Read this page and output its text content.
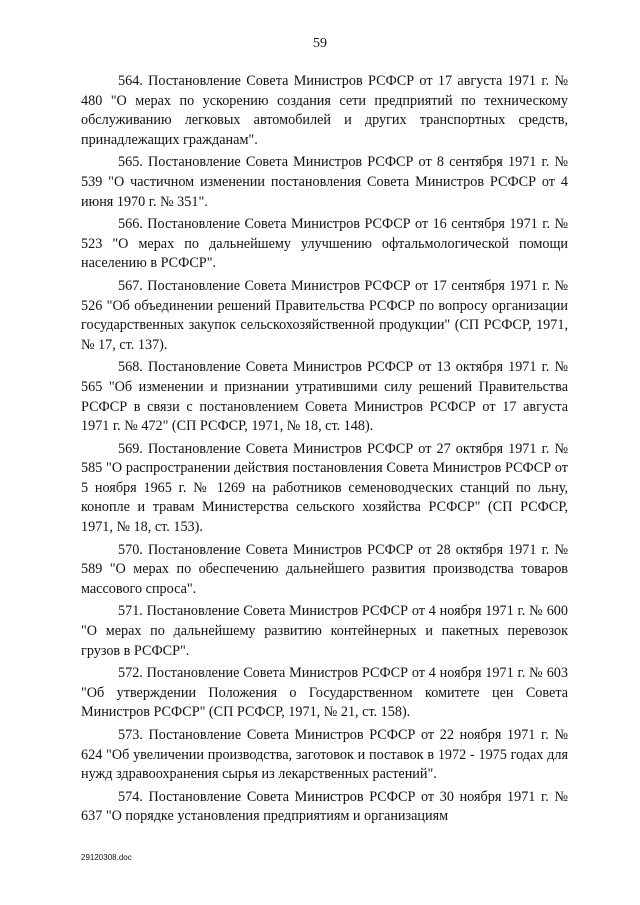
59

564. Постановление Совета Министров РСФСР от 17 августа 1971 г. № 480 "О мерах по ускорению создания сети предприятий по техническому обслуживанию легковых автомобилей и других транспортных средств, принадлежащих гражданам".

565. Постановление Совета Министров РСФСР от 8 сентября 1971 г. № 539 "О частичном изменении постановления Совета Министров РСФСР от 4 июня 1970 г. № 351".

566. Постановление Совета Министров РСФСР от 16 сентября 1971 г. № 523 "О мерах по дальнейшему улучшению офтальмологической помощи населению в РСФСР".

567. Постановление Совета Министров РСФСР от 17 сентября 1971 г. № 526 "Об объединении решений Правительства РСФСР по вопросу организации государственных закупок сельскохозяйственной продукции" (СП РСФСР, 1971, № 17, ст. 137).

568. Постановление Совета Министров РСФСР от 13 октября 1971 г. № 565 "Об изменении и признании утратившими силу решений Правительства РСФСР в связи с постановлением Совета Министров РСФСР от 17 августа 1971 г. № 472" (СП РСФСР, 1971, № 18, ст. 148).

569. Постановление Совета Министров РСФСР от 27 октября 1971 г. № 585 "О распространении действия постановления Совета Министров РСФСР от 5 ноября 1965 г. № 1269 на работников семеноводческих станций по льну, конопле и травам Министерства сельского хозяйства РСФСР" (СП РСФСР, 1971, № 18, ст. 153).

570. Постановление Совета Министров РСФСР от 28 октября 1971 г. № 589 "О мерах по обеспечению дальнейшего развития производства товаров массового спроса".

571. Постановление Совета Министров РСФСР от 4 ноября 1971 г. № 600 "О мерах по дальнейшему развитию контейнерных и пакетных перевозок грузов в РСФСР".

572. Постановление Совета Министров РСФСР от 4 ноября 1971 г. № 603 "Об утверждении Положения о Государственном комитете цен Совета Министров РСФСР" (СП РСФСР, 1971, № 21, ст. 158).

573. Постановление Совета Министров РСФСР от 22 ноября 1971 г. № 624 "Об увеличении производства, заготовок и поставок в 1972 - 1975 годах для нужд здравоохранения сырья из лекарственных растений".

574. Постановление Совета Министров РСФСР от 30 ноября 1971 г. № 637 "О порядке установления предприятиям и организациям

29120308.doc
